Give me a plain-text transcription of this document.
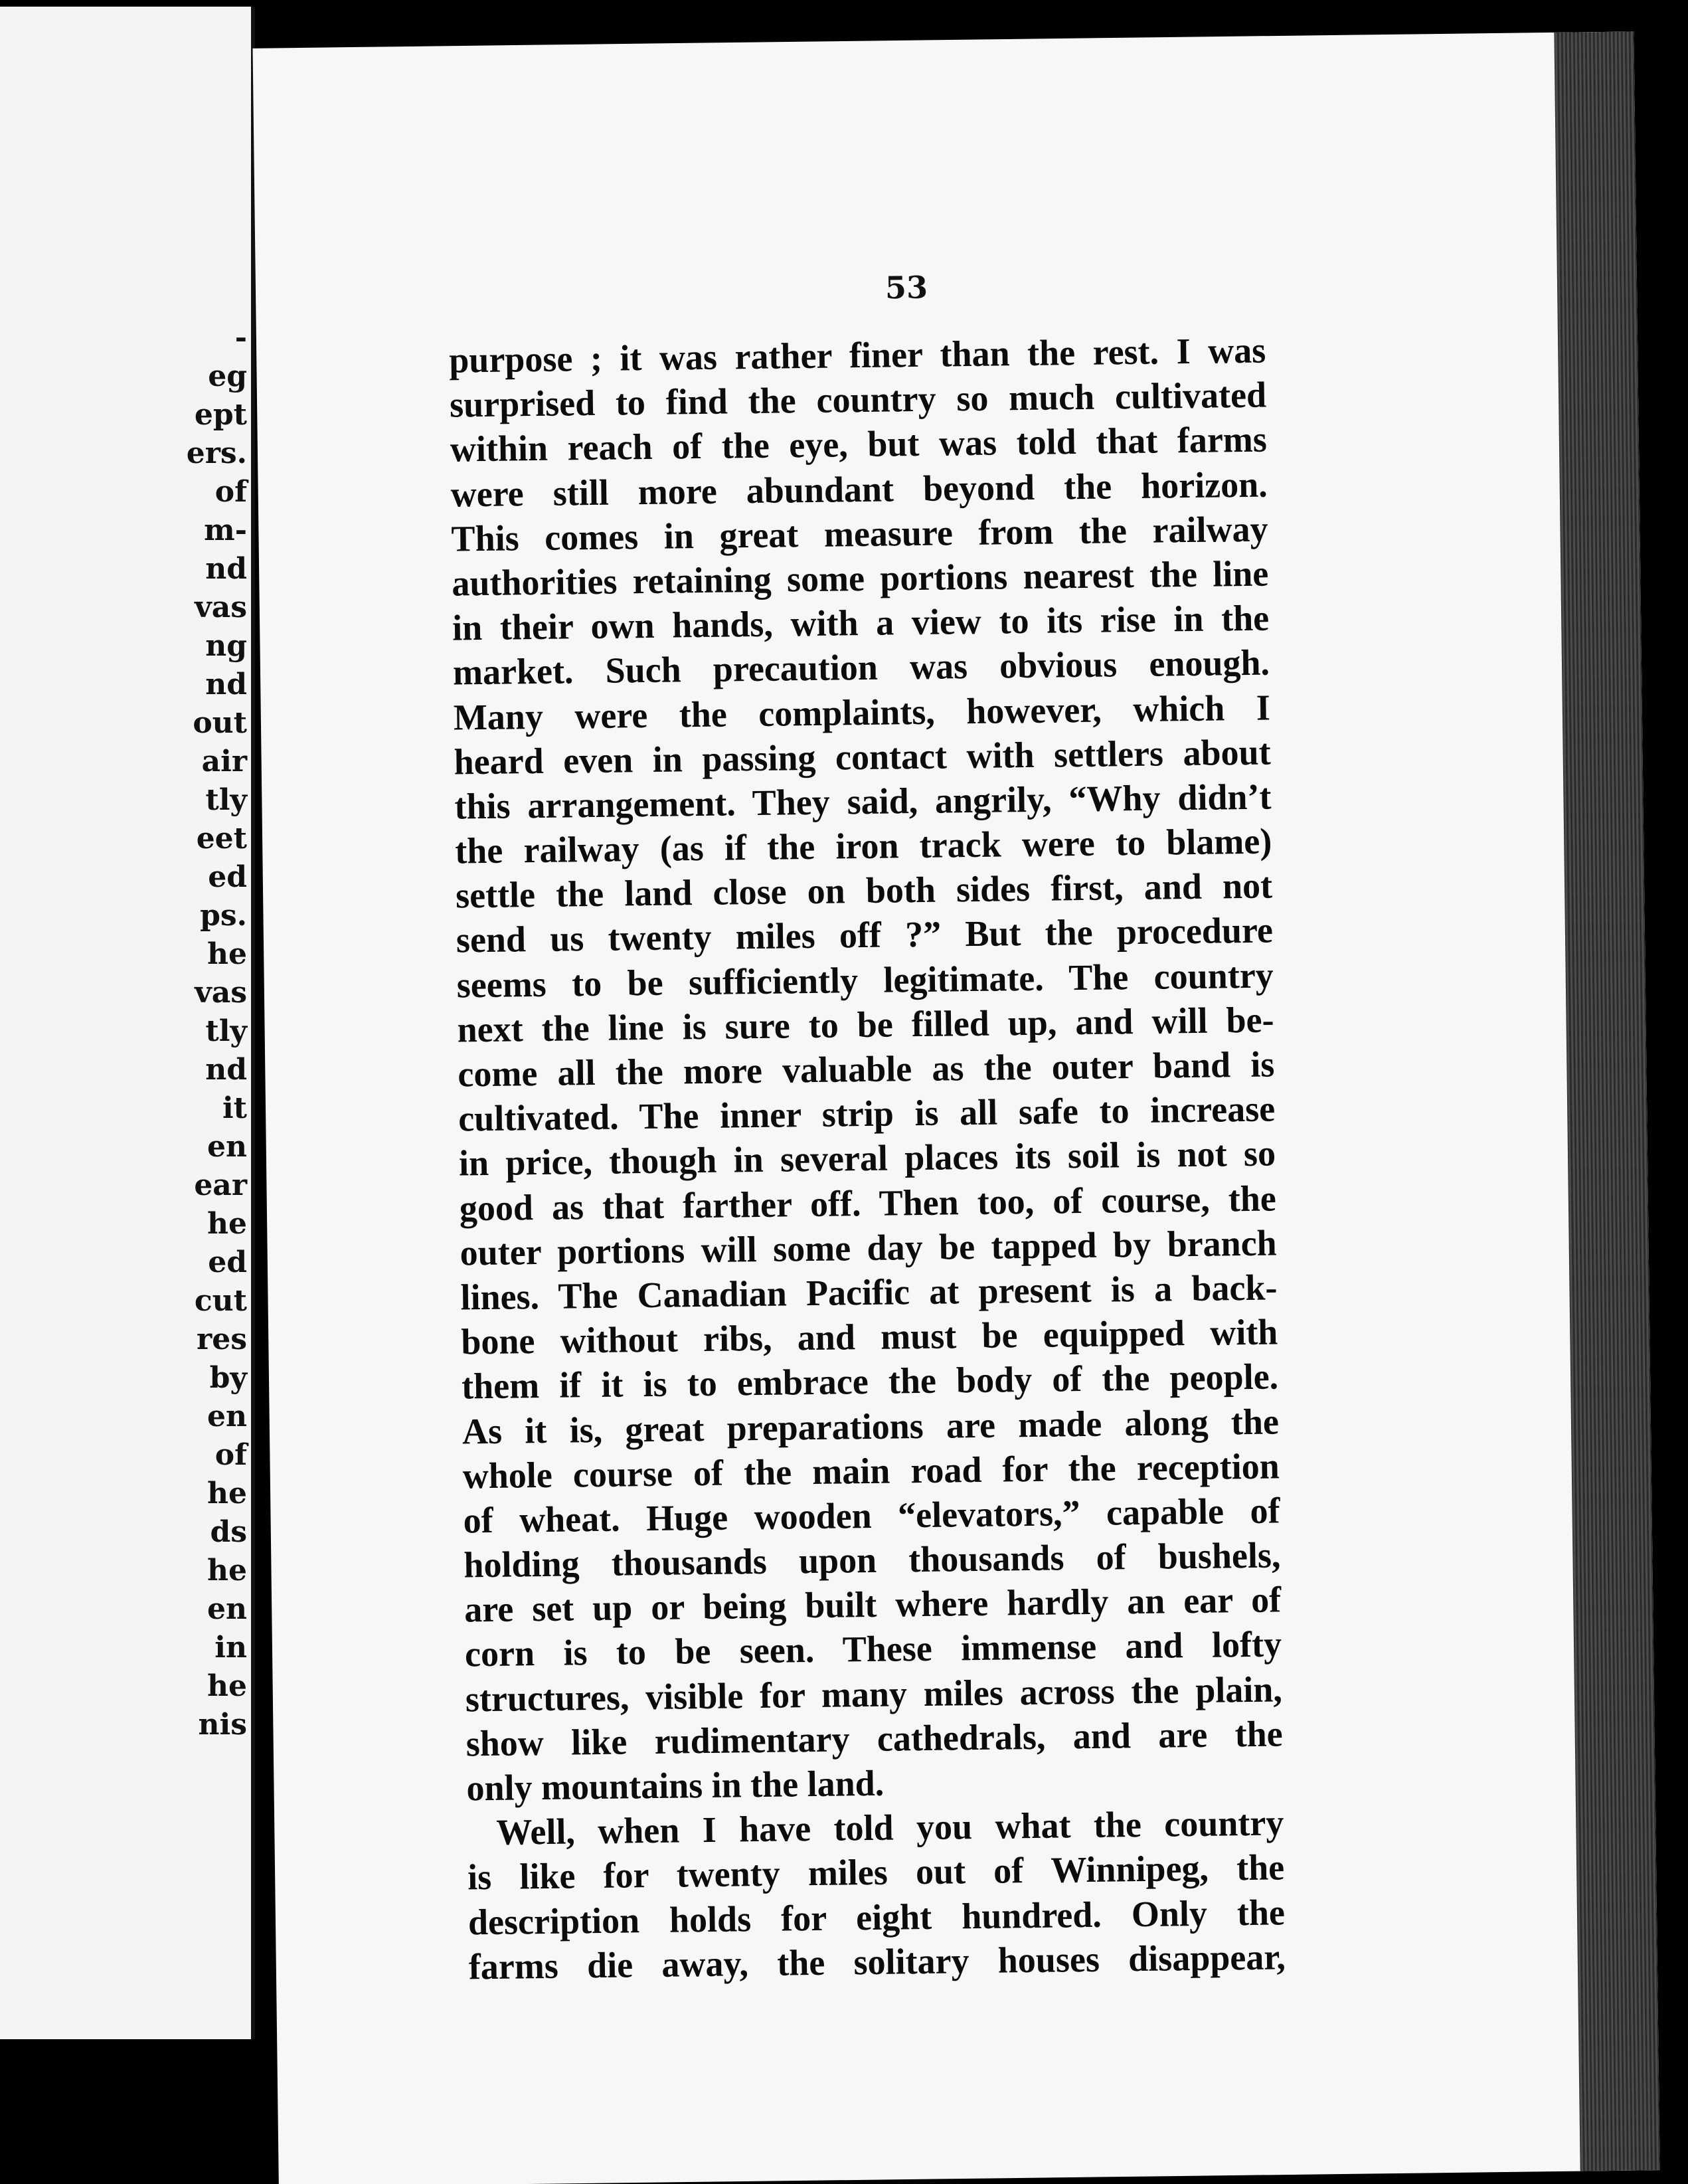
-
eg
ept
ers.
of
m-
nd
vas
ng
nd
out
air
tly
eet
ed
ps.
he
vas
tly
nd
it
en
ear
he
ed
cut
res
by
en
of
he
ds
he
en
in
he
nis
53
purpose ; it was rather finer than the rest. I was
surprised to find the country so much cultivated
within reach of the eye, but was told that farms
were still more abundant beyond the horizon.
This comes in great measure from the railway
authorities retaining some portions nearest the line
in their own hands, with a view to its rise in the
market. Such precaution was obvious enough.
Many were the complaints, however, which I
heard even in passing contact with settlers about
this arrangement. They said, angrily, “Why didn’t
the railway (as if the iron track were to blame)
settle the land close on both sides first, and not
send us twenty miles off ?” But the procedure
seems to be sufficiently legitimate. The country
next the line is sure to be filled up, and will be-
come all the more valuable as the outer band is
cultivated. The inner strip is all safe to increase
in price, though in several places its soil is not so
good as that farther off. Then too, of course, the
outer portions will some day be tapped by branch
lines. The Canadian Pacific at present is a back-
bone without ribs, and must be equipped with
them if it is to embrace the body of the people.
As it is, great preparations are made along the
whole course of the main road for the reception
of wheat. Huge wooden “elevators,” capable of
holding thousands upon thousands of bushels,
are set up or being built where hardly an ear of
corn is to be seen. These immense and lofty
structures, visible for many miles across the plain,
show like rudimentary cathedrals, and are the
only mountains in the land.
Well, when I have told you what the country
is like for twenty miles out of Winnipeg, the
description holds for eight hundred. Only the
farms die away, the solitary houses disappear,
